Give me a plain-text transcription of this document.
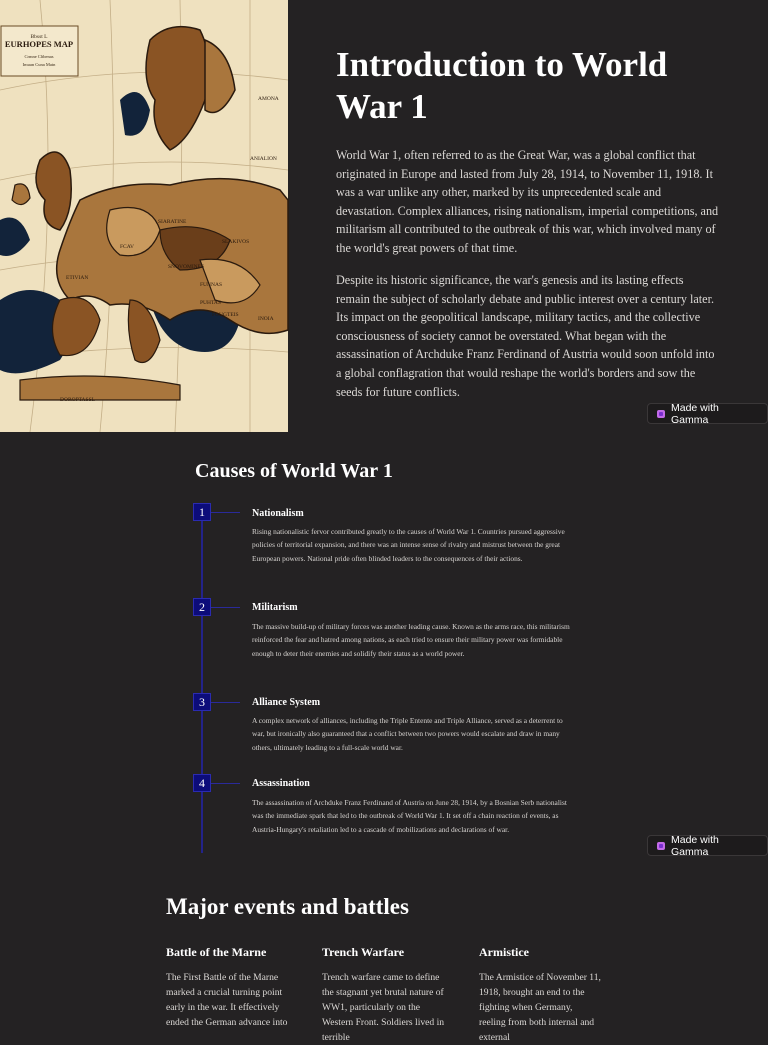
Bbsst L
EURHOPES MAP
Crmne Cltbenas
Imuan Cuna Matn
SIARATINE
SLAKIVOS
FUNNAS
PUHTAS
SNOVOMINES
DOROPTASSL
ETIVIAN
AMONA
ANIALION
FCAV
FOUGTEIS
INOIA
Introduction to World War 1

World War 1, often referred to as the Great War, was a global conflict that originated in Europe and lasted from July 28, 1914, to November 11, 1918. It was a war unlike any other, marked by its unprecedented scale and devastation. Complex alliances, rising nationalism, imperial competitions, and militarism all contributed to the outbreak of this war, which involved many of the world's great powers of that time.

Despite its historic significance, the war's genesis and its lasting effects remain the subject of scholarly debate and public interest over a century later. Its impact on the geopolitical landscape, military tactics, and the collective consciousness of society cannot be overstated. What began with the assassination of Archduke Franz Ferdinand of Austria would soon unfold into a global conflagration that would reshape the world's borders and sow the seeds for future conflicts.

Made with Gamma
Causes of World War 1
1	Nationalism
Rising nationalistic fervor contributed greatly to the causes of World War 1. Countries pursued aggressive policies of territorial expansion, and there was an intense sense of rivalry and mistrust between the great European powers. National pride often blinded leaders to the consequences of their actions.
2	Militarism
The massive build-up of military forces was another leading cause. Known as the arms race, this militarism reinforced the fear and hatred among nations, as each tried to ensure their military power was formidable enough to deter their enemies and solidify their status as a world power.
3	Alliance System
A complex network of alliances, including the Triple Entente and Triple Alliance, served as a deterrent to war, but ironically also guaranteed that a conflict between two powers would escalate and draw in many others, ultimately leading to a full-scale world war.
4	Assassination
The assassination of Archduke Franz Ferdinand of Austria on June 28, 1914, by a Bosnian Serb nationalist was the immediate spark that led to the outbreak of World War 1. It set off a chain reaction of events, as Austria-Hungary's retaliation led to a cascade of mobilizations and declarations of war.
Made with Gamma
Major events and battles
Battle of the Marne
The First Battle of the Marne marked a crucial turning point early in the war. It effectively ended the German advance into
Trench Warfare
Trench warfare came to define the stagnant yet brutal nature of WW1, particularly on the Western Front. Soldiers lived in terrible
Armistice
The Armistice of November 11, 1918, brought an end to the fighting when Germany, reeling from both internal and external
